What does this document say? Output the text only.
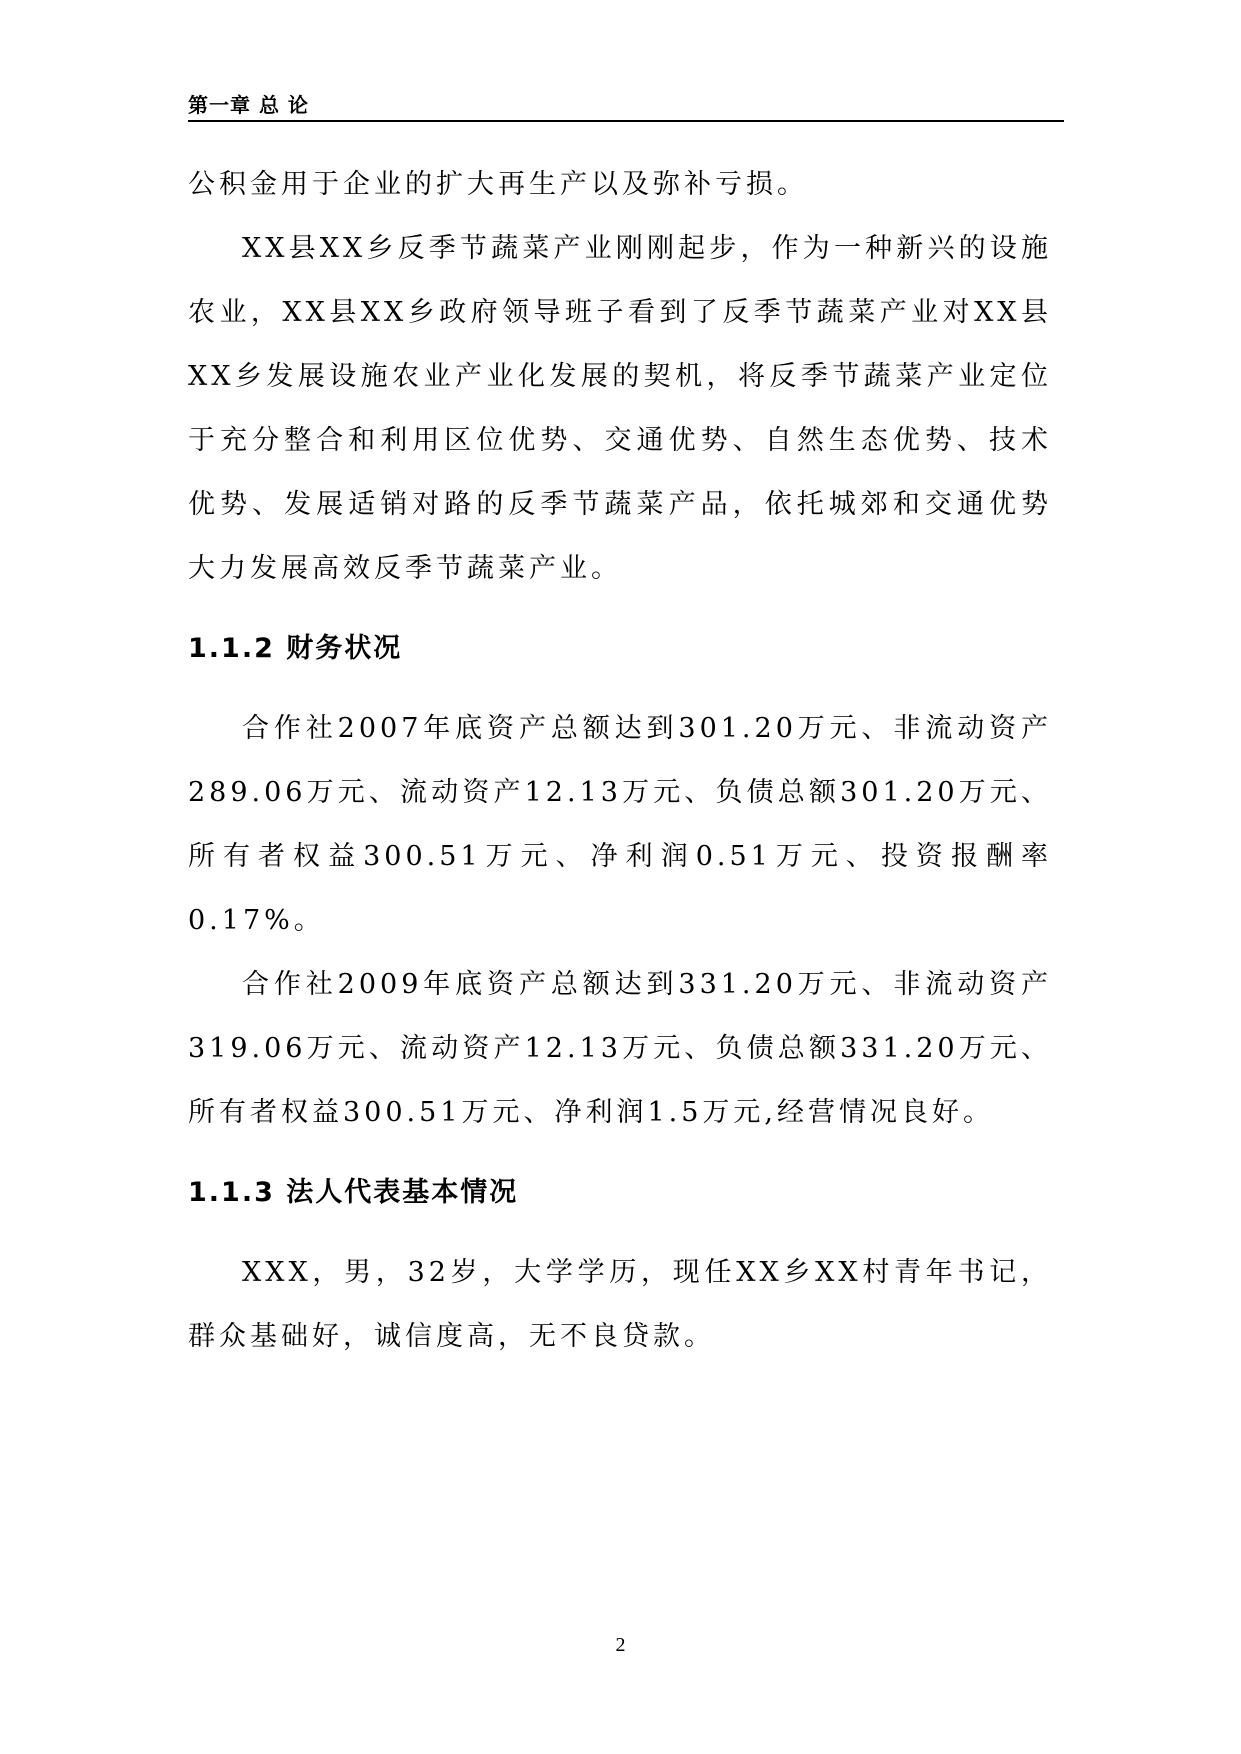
第一章 总 论

公积金用于企业的扩大再生产以及弥补亏损。

XX县XX乡反季节蔬菜产业刚刚起步，作为一种新兴的设施农业，XX县XX乡政府领导班子看到了反季节蔬菜产业对XX县XX乡发展设施农业产业化发展的契机，将反季节蔬菜产业定位于充分整合和利用区位优势、交通优势、自然生态优势、技术优势、发展适销对路的反季节蔬菜产品，依托城郊和交通优势大力发展高效反季节蔬菜产业。

1.1.2 财务状况

合作社2007年底资产总额达到301.20万元、非流动资产289.06万元、流动资产12.13万元、负债总额301.20万元、所有者权益300.51万元、净利润0.51万元、投资报酬率0.17%。

合作社2009年底资产总额达到331.20万元、非流动资产319.06万元、流动资产12.13万元、负债总额331.20万元、所有者权益300.51万元、净利润1.5万元,经营情况良好。

1.1.3 法人代表基本情况

XXX，男，32岁，大学学历，现任XX乡XX村青年书记，群众基础好，诚信度高，无不良贷款。

2
